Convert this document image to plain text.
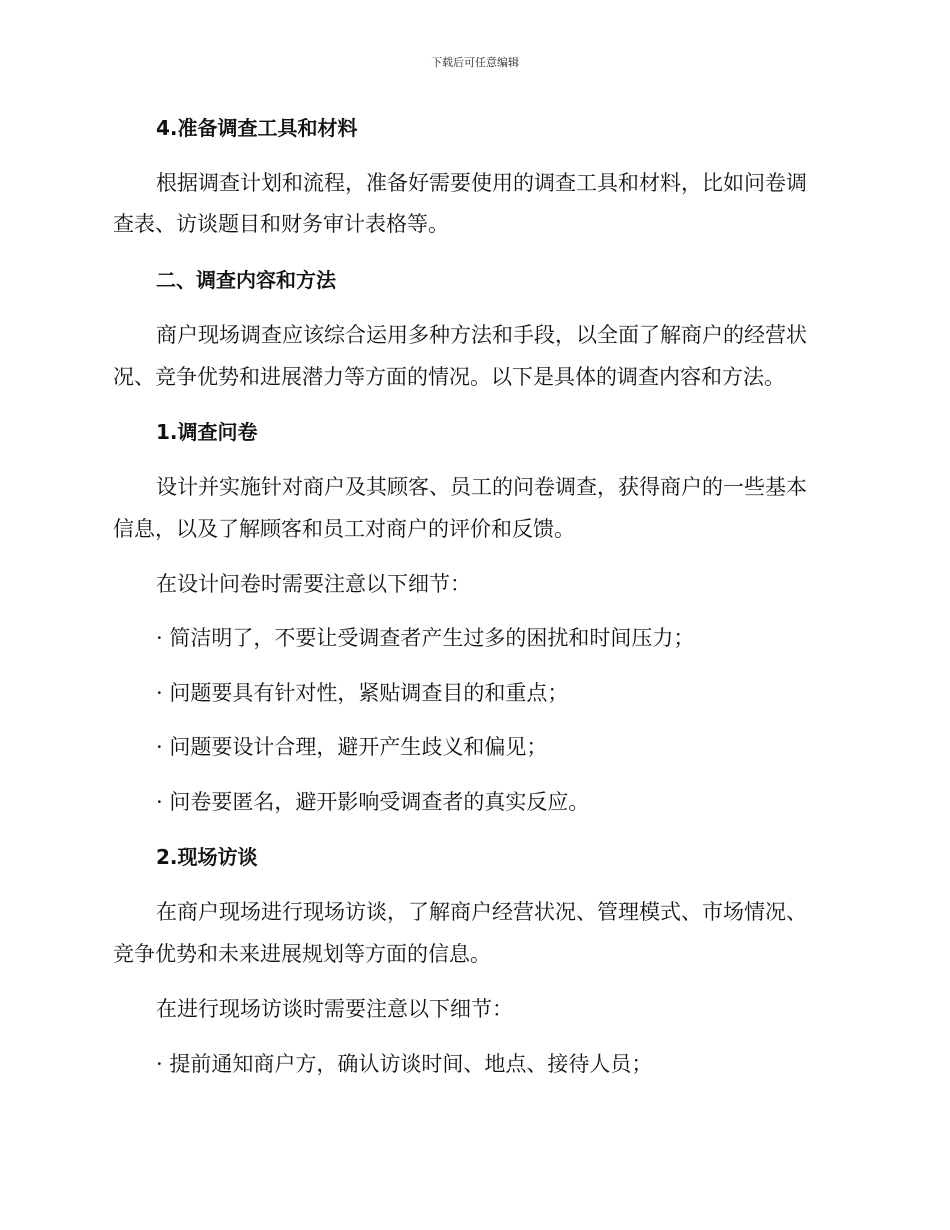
下载后可任意编辑
4.准备调查工具和材料
根据调查计划和流程，准备好需要使用的调查工具和材料，比如问卷调
查表、访谈题目和财务审计表格等。
二、调查内容和方法
商户现场调查应该综合运用多种方法和手段，以全面了解商户的经营状
况、竞争优势和进展潜力等方面的情况。以下是具体的调查内容和方法。
1.调查问卷
设计并实施针对商户及其顾客、员工的问卷调查，获得商户的一些基本
信息，以及了解顾客和员工对商户的评价和反馈。
在设计问卷时需要注意以下细节：
· 简洁明了，不要让受调查者产生过多的困扰和时间压力；
· 问题要具有针对性，紧贴调查目的和重点；
· 问题要设计合理，避开产生歧义和偏见；
· 问卷要匿名，避开影响受调查者的真实反应。
2.现场访谈
在商户现场进行现场访谈，了解商户经营状况、管理模式、市场情况、
竞争优势和未来进展规划等方面的信息。
在进行现场访谈时需要注意以下细节：
· 提前通知商户方，确认访谈时间、地点、接待人员；
